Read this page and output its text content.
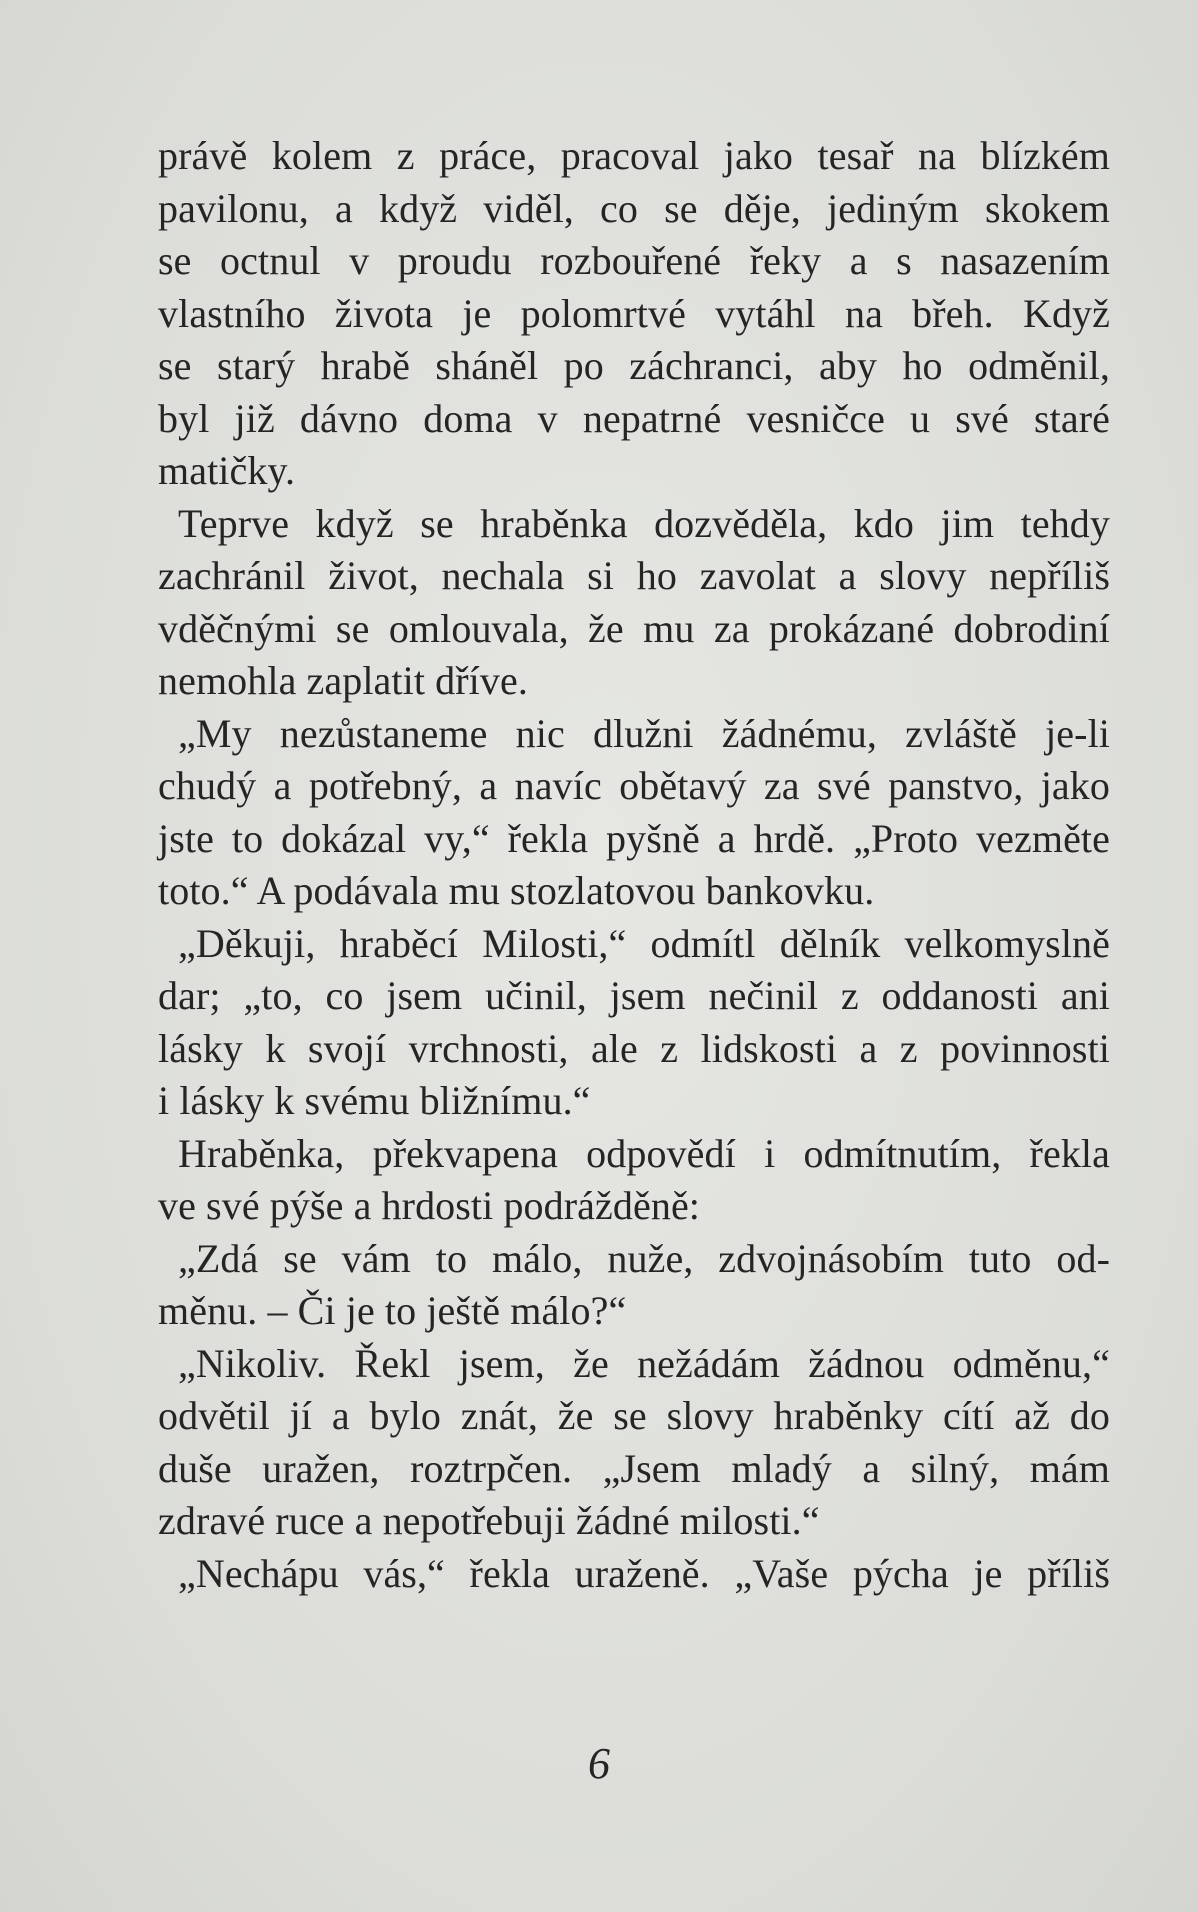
právě kolem z práce, pracoval jako tesař na blízkém
pavilonu, a když viděl, co se děje, jediným skokem
se octnul v proudu rozbouřené řeky a s nasazením
vlastního života je polomrtvé vytáhl na břeh. Když
se starý hrabě sháněl po záchranci, aby ho odměnil,
byl již dávno doma v nepatrné vesničce u své staré
matičky.
Teprve když se hraběnka dozvěděla, kdo jim tehdy
zachránil život, nechala si ho zavolat a slovy nepříliš
vděčnými se omlouvala, že mu za prokázané dobrodiní
nemohla zaplatit dříve.
„My nezůstaneme nic dlužni žádnému, zvláště je-li
chudý a potřebný, a navíc obětavý za své panstvo, jako
jste to dokázal vy,“ řekla pyšně a hrdě. „Proto vezměte
toto.“ A podávala mu stozlatovou bankovku.
„Děkuji, hraběcí Milosti,“ odmítl dělník velkomyslně
dar; „to, co jsem učinil, jsem nečinil z oddanosti ani
lásky k svojí vrchnosti, ale z lidskosti a z povinnosti
i lásky k svému bližnímu.“
Hraběnka, překvapena odpovědí i odmítnutím, řekla
ve své pýše a hrdosti podrážděně:
„Zdá se vám to málo, nuže, zdvojnásobím tuto od-
měnu. – Či je to ještě málo?“
„Nikoliv. Řekl jsem, že nežádám žádnou odměnu,“
odvětil jí a bylo znát, že se slovy hraběnky cítí až do
duše uražen, roztrpčen. „Jsem mladý a silný, mám
zdravé ruce a nepotřebuji žádné milosti.“
„Nechápu vás,“ řekla uraženě. „Vaše pýcha je příliš
6
